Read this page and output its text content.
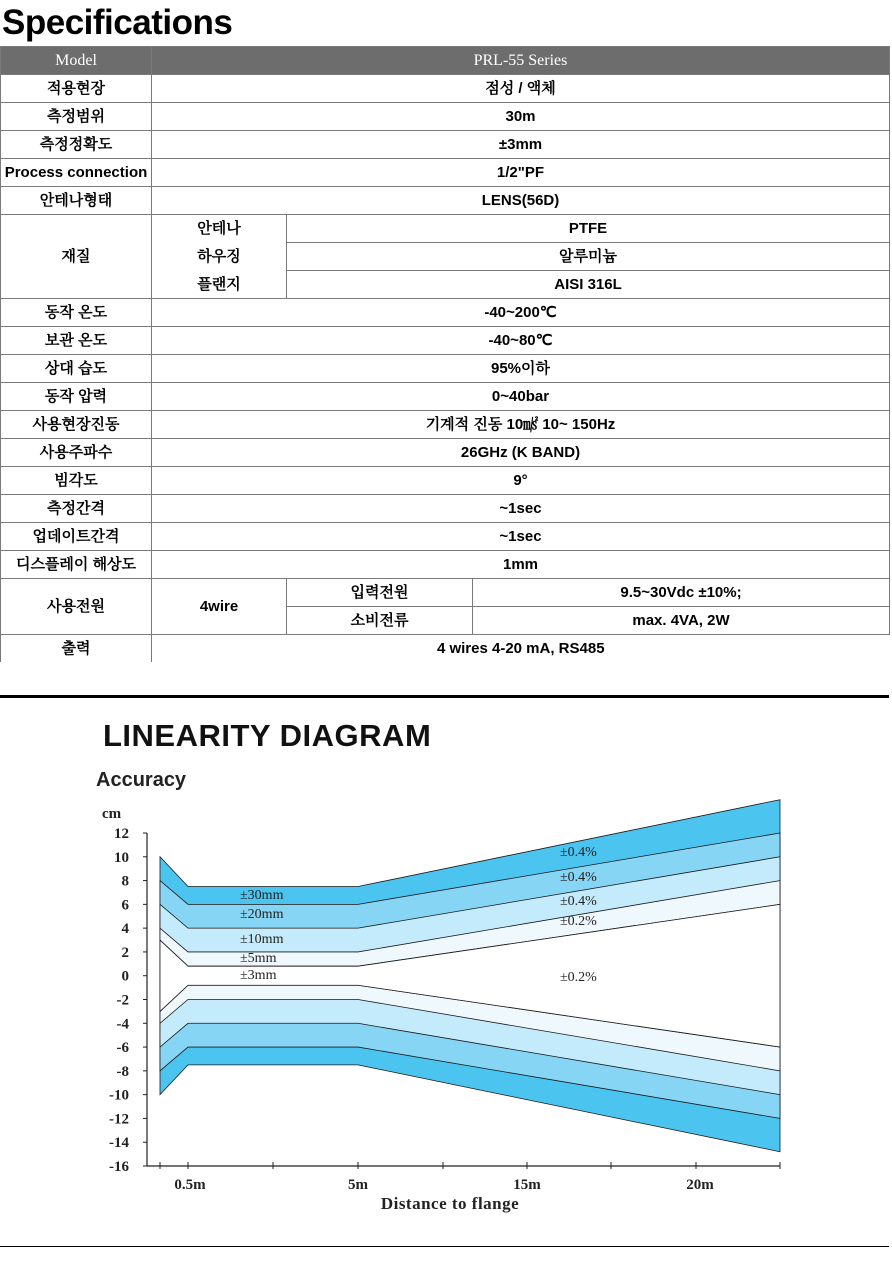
Specifications
Model	PRL-55 Series		
적용현장	점성 / 액체		
측정범위	30m		
측정정확도	±3mm		
Process connection	1/2"PF		
안테나형태	LENS(56D)		
재질	안테나	PTFE	
	하우징	알루미늄	
	플랜지	AISI 316L	
동작 온도	-40~200℃		
보관 온도	-40~80℃		
상대 습도	95%이하		
동작 압력	0~40bar		
사용현장진동	기계적 진동 10㎨ 10~ 150Hz		
사용주파수	26GHz (K BAND)		
빔각도	9°		
측정간격	~1sec		
업데이트간격	~1sec		
디스플레이 해상도	1mm		
사용전원	4wire	입력전원	9.5~30Vdc ±10%;
		소비전류	max. 4VA, 2W
출력	4 wires 4-20 mA, RS485		
LINEARITY DIAGRAM
Accuracy
12
10
8
6
4
2
0
-2
-4
-6
-8
-10
-12
-14
-16
cm
0.5m	5m	15m	20m
Distance to flange
±30mm
±20mm
±10mm
±5mm
±3mm
±0.4%
±0.4%
±0.4%
±0.2%
±0.2%
